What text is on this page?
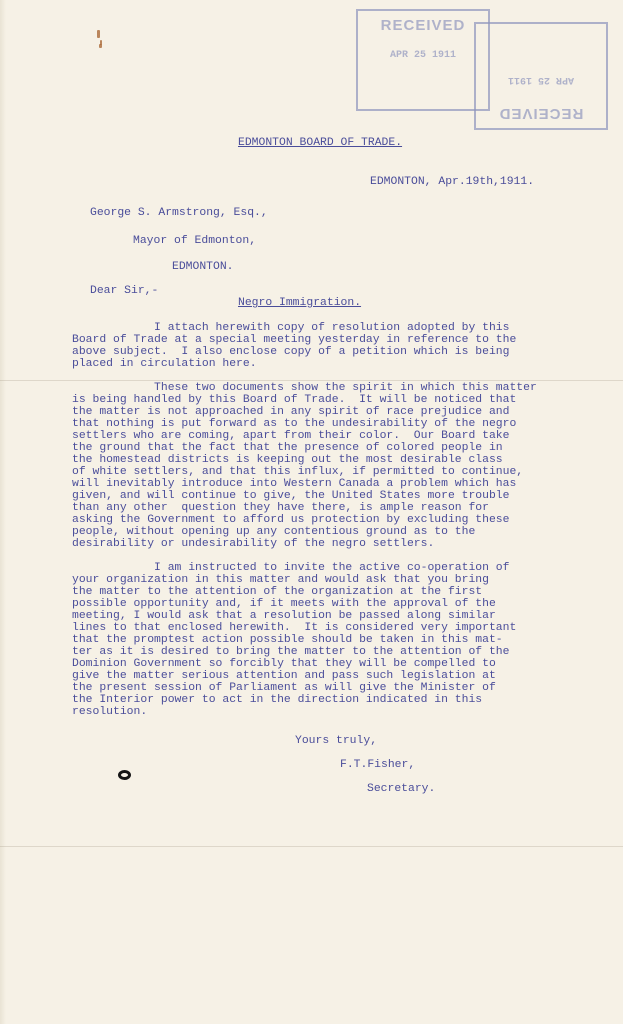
RECEIVED
APR 25 1911
RECEIVED
APR 25 1911
EDMONTON BOARD OF TRADE.
EDMONTON, Apr.19th,1911.
George S. Armstrong, Esq.,
Mayor of Edmonton,
EDMONTON.
Dear Sir,-
Negro Immigration.
I attach herewith copy of resolution adopted by this
Board of Trade at a special meeting yesterday in reference to the
above subject.  I also enclose copy of a petition which is being
placed in circulation here.
These two documents show the spirit in which this matter
is being handled by this Board of Trade.  It will be noticed that
the matter is not approached in any spirit of race prejudice and
that nothing is put forward as to the undesirability of the negro
settlers who are coming, apart from their color.  Our Board take
the ground that the fact that the presence of colored people in
the homestead districts is keeping out the most desirable class
of white settlers, and that this influx, if permitted to continue,
will inevitably introduce into Western Canada a problem which has
given, and will continue to give, the United States more trouble
than any other  question they have there, is ample reason for
asking the Government to afford us protection by excluding these
people, without opening up any contentious ground as to the
desirability or undesirability of the negro settlers.
I am instructed to invite the active co-operation of
your organization in this matter and would ask that you bring
the matter to the attention of the organization at the first
possible opportunity and, if it meets with the approval of the
meeting, I would ask that a resolution be passed along similar
lines to that enclosed herewith.  It is considered very important
that the promptest action possible should be taken in this mat-
ter as it is desired to bring the matter to the attention of the
Dominion Government so forcibly that they will be compelled to
give the matter serious attention and pass such legislation at
the present session of Parliament as will give the Minister of
the Interior power to act in the direction indicated in this
resolution.
Yours truly,
F.T.Fisher,
Secretary.
